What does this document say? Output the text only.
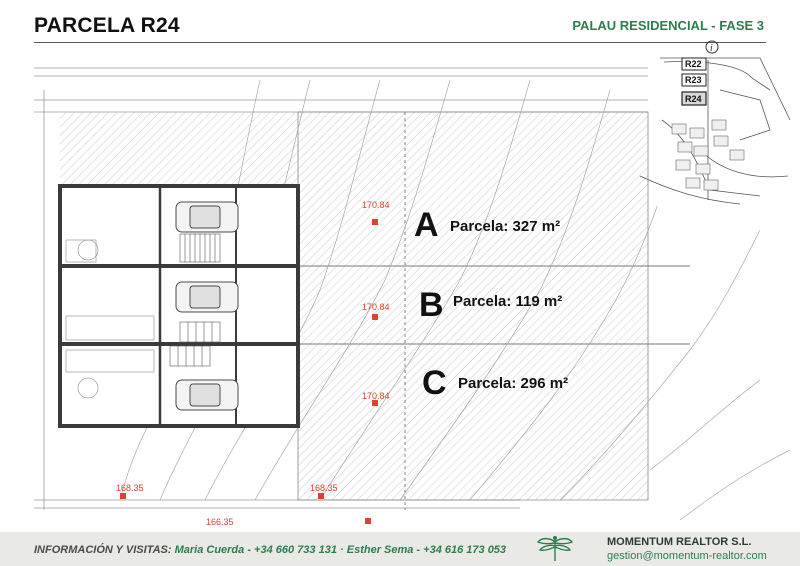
PARCELA R24	PALAU RESIDENCIAL - FASE 3
170.84
170.84
170.84
168.35	168.35
166.35
A Parcela: 327 m²
B Parcela: 119 m²
C Parcela: 296 m²
i
R22
R23
R24
INFORMACIÓN Y VISITAS: Maria Cuerda - +34 660 733 131 · Esther Sema - +34 616 173 053
MOMENTUM REALTOR S.L.
gestion@momentum-realtor.com
